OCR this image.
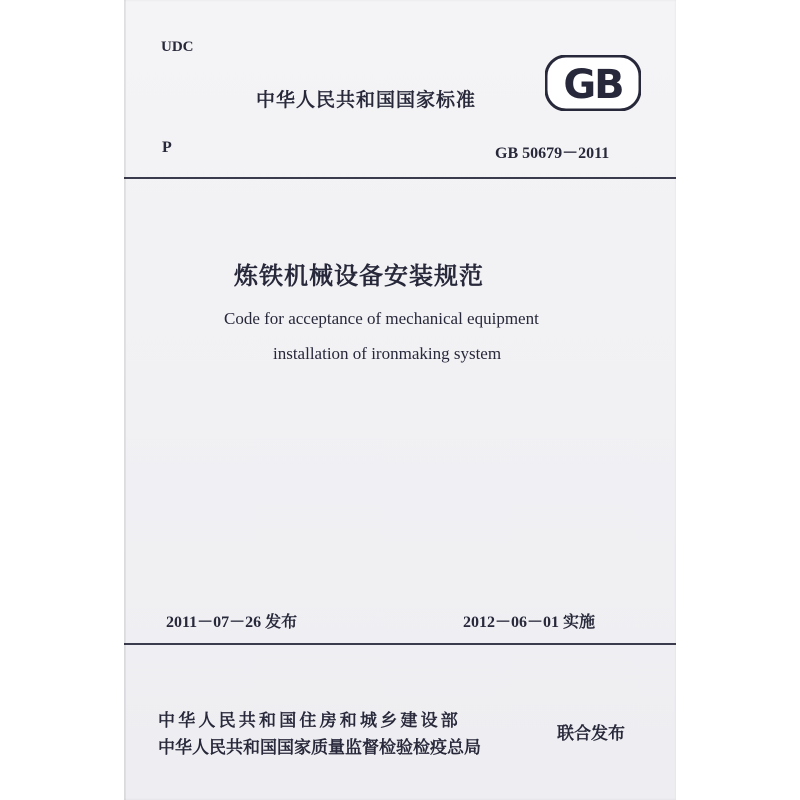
UDC
中华人民共和国国家标准 GB
P	GB 50679－2011
炼铁机械设备安装规范
Code for acceptance of mechanical equipment
installation of ironmaking system
2011－07－26 发布	2012－06－01 实施
中华人民共和国住房和城乡建设部
中华人民共和国国家质量监督检验检疫总局
联合发布
